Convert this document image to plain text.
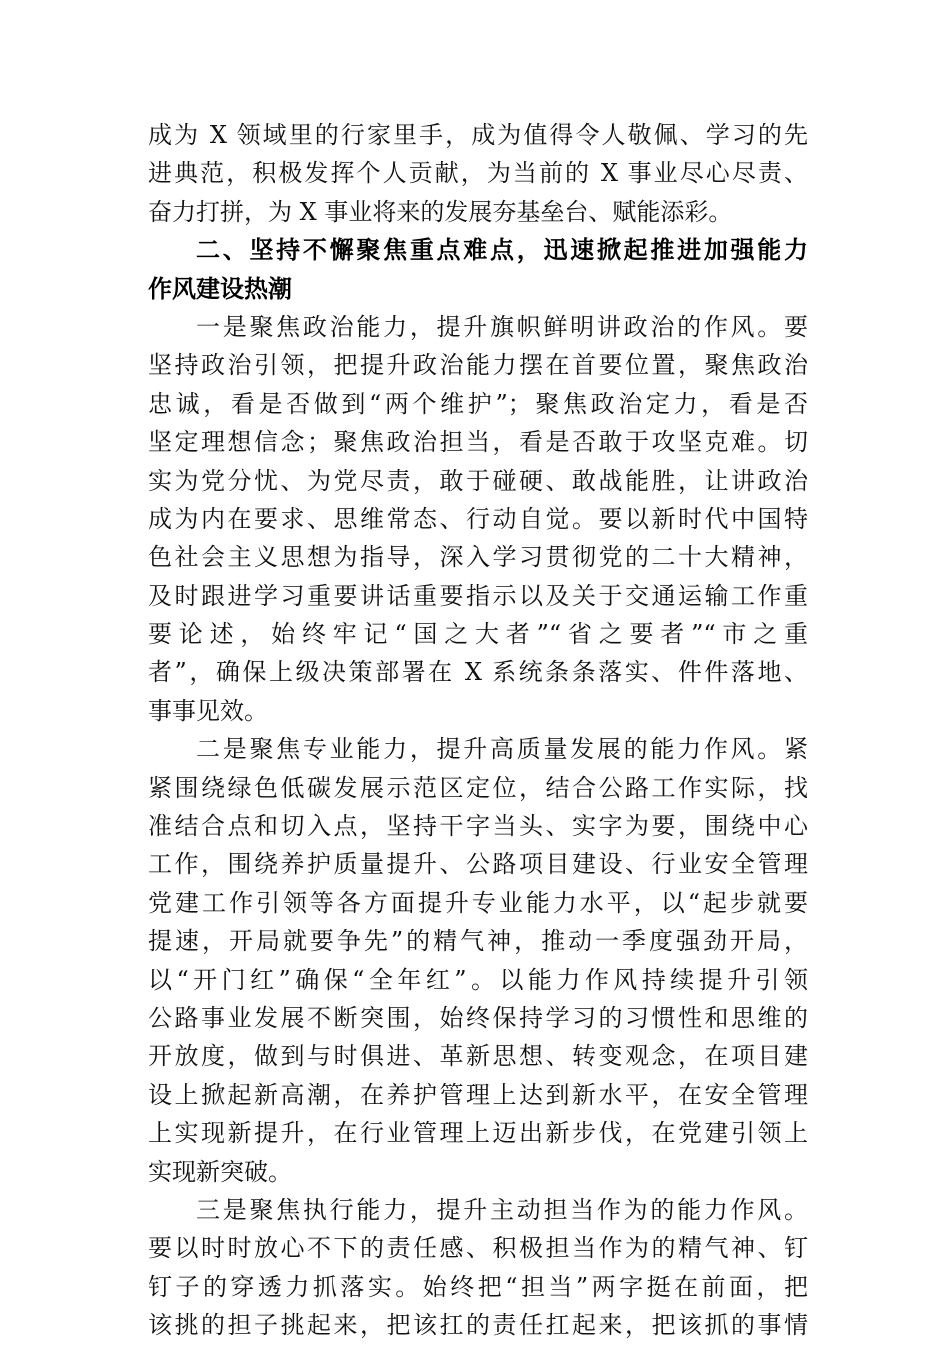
成为 X 领域里的行家里手，成为值得令人敬佩、学习的先
进典范，积极发挥个人贡献，为当前的 X 事业尽心尽责、
奋力打拼，为 X 事业将来的发展夯基垒台、赋能添彩。
二、坚持不懈聚焦重点难点，迅速掀起推进加强能力
作风建设热潮
一是聚焦政治能力，提升旗帜鲜明讲政治的作风。要
坚持政治引领，把提升政治能力摆在首要位置，聚焦政治
忠诚，看是否做到“两个维护”；聚焦政治定力，看是否
坚定理想信念；聚焦政治担当，看是否敢于攻坚克难。切
实为党分忧、为党尽责，敢于碰硬、敢战能胜，让讲政治
成为内在要求、思维常态、行动自觉。要以新时代中国特
色社会主义思想为指导，深入学习贯彻党的二十大精神，
及时跟进学习重要讲话重要指示以及关于交通运输工作重
要论述，始终牢记“国之大者”“省之要者”“市之重
者”，确保上级决策部署在 X 系统条条落实、件件落地、
事事见效。
二是聚焦专业能力，提升高质量发展的能力作风。紧
紧围绕绿色低碳发展示范区定位，结合公路工作实际，找
准结合点和切入点，坚持干字当头、实字为要，围绕中心
工作，围绕养护质量提升、公路项目建设、行业安全管理
党建工作引领等各方面提升专业能力水平，以“起步就要
提速，开局就要争先”的精气神，推动一季度强劲开局，
以“开门红”确保“全年红”。以能力作风持续提升引领
公路事业发展不断突围，始终保持学习的习惯性和思维的
开放度，做到与时俱进、革新思想、转变观念，在项目建
设上掀起新高潮，在养护管理上达到新水平，在安全管理
上实现新提升，在行业管理上迈出新步伐，在党建引领上
实现新突破。
三是聚焦执行能力，提升主动担当作为的能力作风。
要以时时放心不下的责任感、积极担当作为的精气神、钉
钉子的穿透力抓落实。始终把“担当”两字挺在前面，把
该挑的担子挑起来，把该扛的责任扛起来，把该抓的事情
